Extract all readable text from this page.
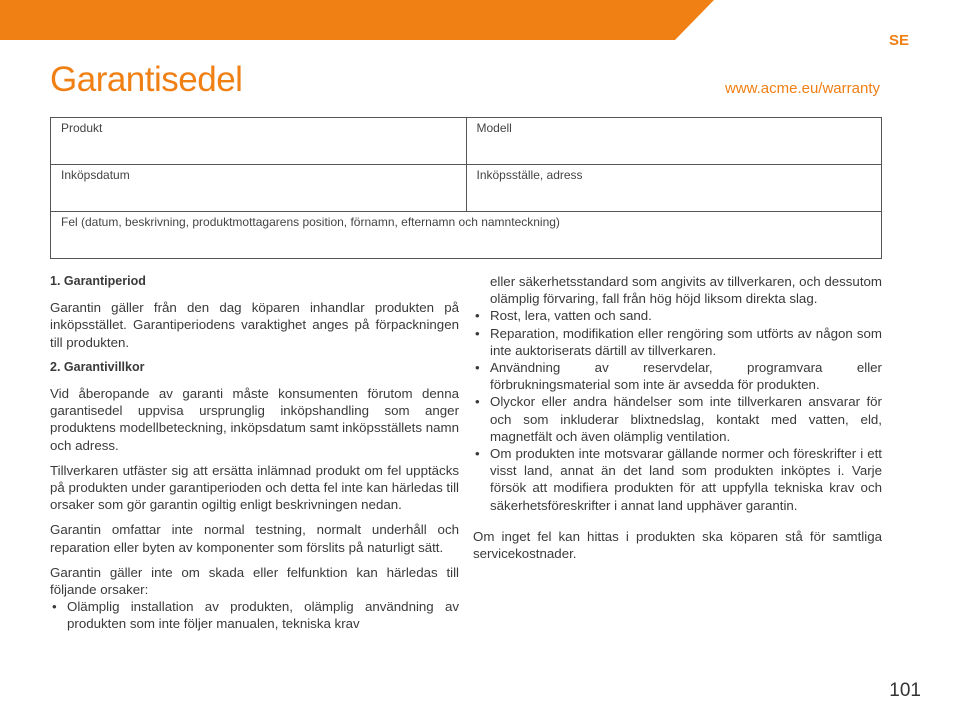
SE
Garantisedel	www.acme.eu/warranty
Produkt	Modell
Inköpsdatum	Inköpsställe, adress
Fel (datum, beskrivning, produktmottagarens position, förnamn, efternamn och namnteckning)	
1. Garantiperiod

Garantin gäller från den dag köparen inhandlar produkten på inköpsstället. Garantiperiodens varaktighet anges på förpackningen till produkten.

2. Garantivillkor

Vid åberopande av garanti måste konsumenten förutom denna garantisedel uppvisa ursprunglig inköpshandling som anger produktens modellbeteckning, inköpsdatum samt inköpsställets namn och adress.

Tillverkaren utfäster sig att ersätta inlämnad produkt om fel upptäcks på produkten under garantiperioden och detta fel inte kan härledas till orsaker som gör garantin ogiltig enligt beskrivningen nedan.

Garantin omfattar inte normal testning, normalt underhåll och reparation eller byten av komponenter som förslits på naturligt sätt.

Garantin gäller inte om skada eller felfunktion kan härledas till följande orsaker:

• Olämplig installation av produkten, olämplig användning av produkten som inte följer manualen, tekniska krav

eller säkerhetsstandard som angivits av tillverkaren, och dessutom olämplig förvaring, fall från hög höjd liksom direkta slag.

• Rost, lera, vatten och sand.
• Reparation, modifikation eller rengöring som utförts av någon som inte auktoriserats därtill av tillverkaren.
• Användning av reservdelar, programvara eller förbrukningsmaterial som inte är avsedda för produkten.
• Olyckor eller andra händelser som inte tillverkaren ansvarar för och som inkluderar blixtnedslag, kontakt med vatten, eld, magnetfält och även olämplig ventilation.
• Om produkten inte motsvarar gällande normer och föreskrifter i ett visst land, annat än det land som produkten inköptes i. Varje försök att modifiera produkten för att uppfylla tekniska krav och säkerhetsföreskrifter i annat land upphäver garantin.

Om inget fel kan hittas i produkten ska köparen stå för samtliga servicekostnader.

101
